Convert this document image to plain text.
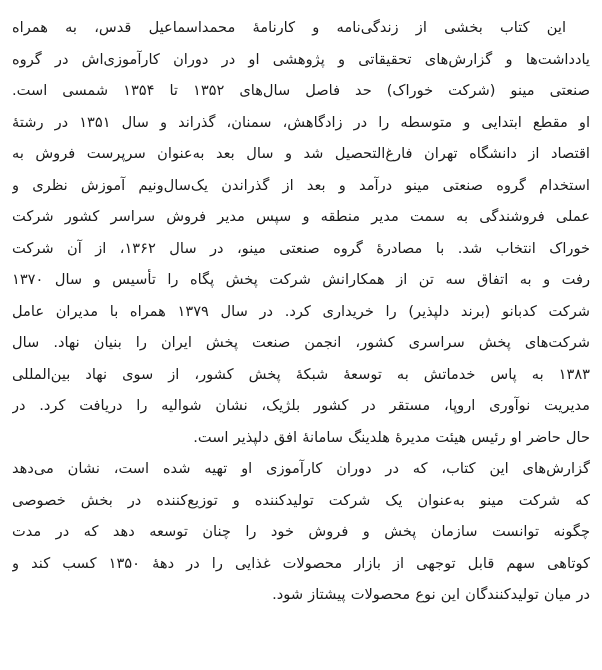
این کتاب بخشی از زندگی‌نامه و کارنامهٔ محمداسماعیل قدس، به همراه
یادداشت‌ها و گزارش‌های تحقیقاتی و پژوهشی او در دوران کارآموزی‌اش در گروه
صنعتی مینو (شرکت خوراک) حد فاصل سال‌های ۱۳۵۲ تا ۱۳۵۴ شمسی است.
او مقطع ابتدایی و متوسطه را در زادگاهش، سمنان، گذراند و سال ۱۳۵۱ در رشتهٔ
اقتصاد از دانشگاه تهران فارغ‌التحصیل شد و سال بعد به‌عنوان سرپرست فروش به
استخدام گروه صنعتی مینو درآمد و بعد از گذراندن یک‌سال‌ونیم آموزش نظری و
عملی فروشندگی به سمت مدیر منطقه و سپس مدیر فروش سراسر کشور شرکت
خوراک انتخاب شد. با مصادرهٔ گروه صنعتی مینو، در سال ۱۳۶۲، از آن شرکت
رفت و به اتفاق سه تن از همکارانش شرکت پخش پگاه را تأسیس و سال ۱۳۷۰
شرکت کدبانو (برند دلپذیر) را خریداری کرد. در سال ۱۳۷۹ همراه با مدیران عامل
شرکت‌های پخش سراسری کشور، انجمن صنعت پخش ایران را بنیان نهاد. سال
۱۳۸۳ به پاس خدماتش به توسعهٔ شبکهٔ پخش کشور، از سوی نهاد بین‌المللی
مدیریت نوآوری اروپا، مستقر در کشور بلژیک، نشان شوالیه را دریافت کرد. در
حال حاضر او رئیس هیئت مدیرهٔ هلدینگ سامانهٔ افق دلپذیر است.
گزارش‌های این کتاب، که در دوران کارآموزی او تهیه شده است، نشان می‌دهد
که شرکت مینو به‌عنوان یک شرکت تولیدکننده و توزیع‌کننده در بخش خصوصی
چگونه توانست سازمان پخش و فروش خود را چنان توسعه دهد که در مدت
کوتاهی سهم قابل توجهی از بازار محصولات غذایی را در دههٔ ۱۳۵۰ کسب کند و
در میان تولیدکنندگان این نوع محصولات پیشتاز شود.
